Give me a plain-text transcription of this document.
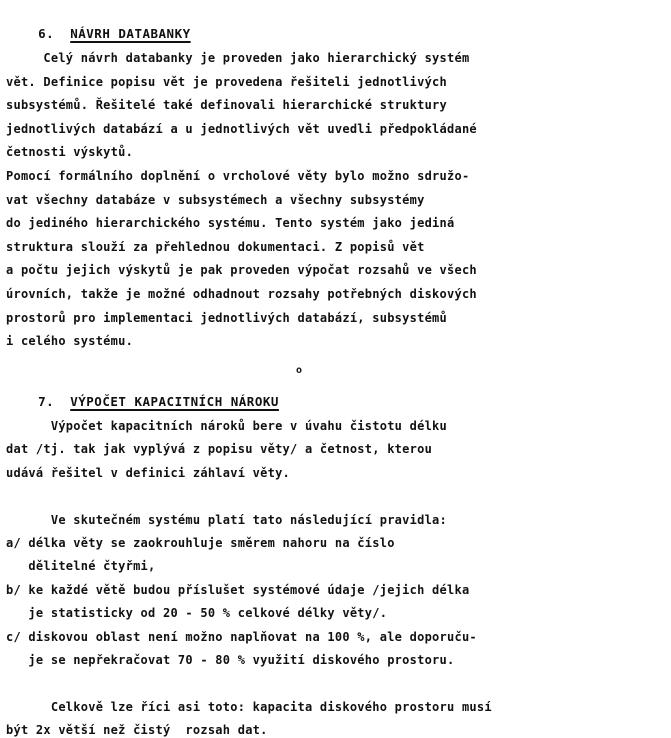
6. NÁVRH DATABANKY

Celý návrh databanky je proveden jako hierarchický systém
vět. Definice popisu vět je provedena řešiteli jednotlivých
subsystémů. Řešitelé také definovali hierarchické struktury
jednotlivých databází a u jednotlivých vět uvedli předpokládané
četnosti výskytů.
Pomocí formálního doplnění o vrcholové věty bylo možno sdružo-
vat všechny databáze v subsystémech a všechny subsystémy
do jediného hierarchického systému. Tento systém jako jediná
struktura slouží za přehlednou dokumentaci. Z popisů vět
a počtu jejich výskytů je pak proveden výpočat rozsahů ve všech
úrovních, takže je možné odhadnout rozsahy potřebných diskových
prostorů pro implementaci jednotlivých databází, subsystémů
i celého systému.

7. VÝPOČET KAPACITNÍCH NÁROKU

o
Výpočet kapacitních nároků bere v úvahu čistotu délku
dat /tj. tak jak vyplývá z popisu věty/ a četnost, kterou
udává řešitel v definici záhlaví věty.
Ve skutečném systému platí tato následující pravidla:
a/ délka věty se zaokrouhluje směrem nahoru na číslo
dělitelné čtyřmi,
b/ ke každé větě budou příslušet systémové údaje /jejich délka
je statisticky od 20 - 50 % celkové délky věty/.
c/ diskovou oblast není možno naplňovat na 100 %, ale doporuču-
je se nepřekračovat 70 - 80 % využití diskového prostoru.
Celkově lze říci asi toto: kapacita diskového prostoru musí
být 2x větší než čistý  rozsah dat.
